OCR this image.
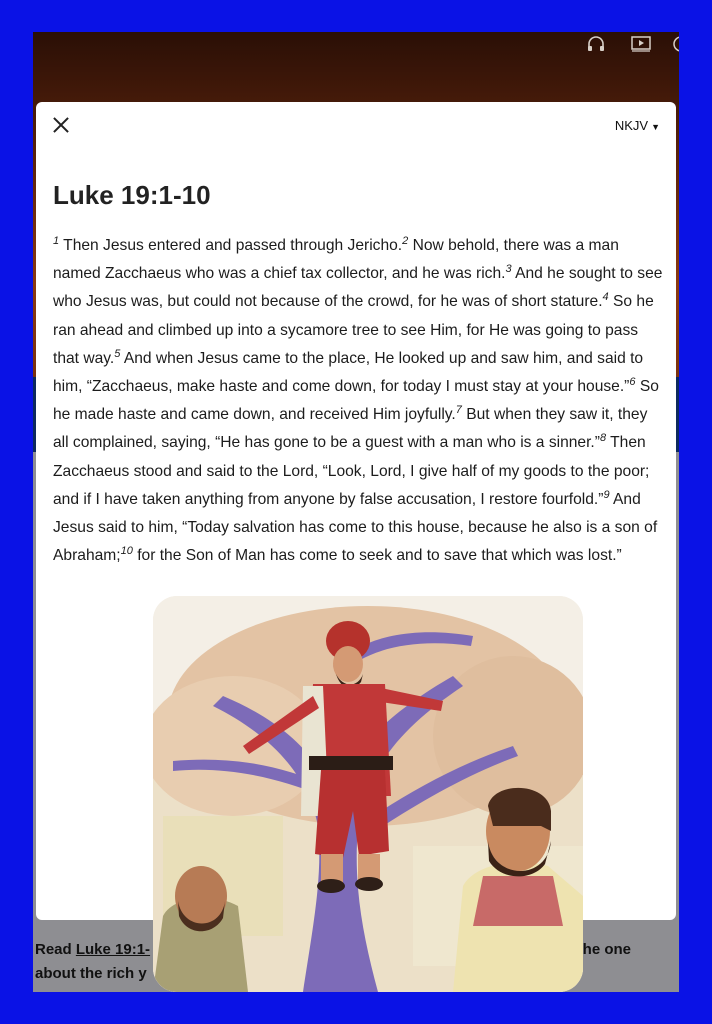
Read Luke 19:1-	he one
about the rich y
NKJV ▼
Luke 19:1-10
$^1$ Then Jesus entered and passed through Jericho.$^2$ Now behold, there was a man named Zacchaeus who was a chief tax collector, and he was rich.$^3$ And he sought to see who Jesus was, but could not because of the crowd, for he was of short stature.$^4$ So he ran ahead and climbed up into a sycamore tree to see Him, for He was going to pass that way.$^5$ And when Jesus came to the place, He looked up and saw him, and said to him, “Zacchaeus, make haste and come down, for today I must stay at your house.”$^6$ So he made haste and came down, and received Him joyfully.$^7$ But when they saw it, they all complained, saying, “He has gone to be a guest with a man who is a sinner.”$^8$ Then Zacchaeus stood and said to the Lord, “Look, Lord, I give half of my goods to the poor; and if I have taken anything from anyone by false accusation, I restore fourfold.”$^9$ And Jesus said to him, “Today salvation has come to this house, because he also is a son of Abraham;$^{10}$ for the Son of Man has come to seek and to save that which was lost.”
